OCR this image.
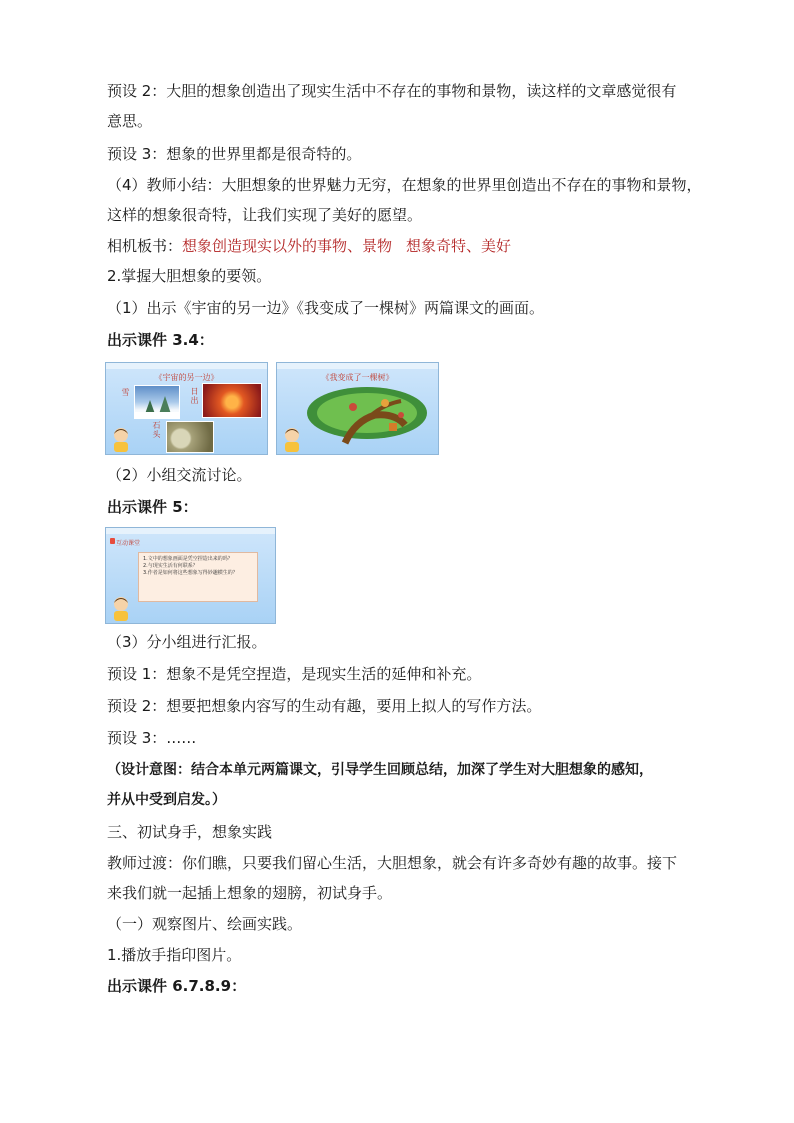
预设 2：大胆的想象创造出了现实生活中不存在的事物和景物，读这样的文章感觉很有
意思。
预设 3：想象的世界里都是很奇特的。
（4）教师小结：大胆想象的世界魅力无穷，在想象的世界里创造出不存在的事物和景物，
这样的想象很奇特，让我们实现了美好的愿望。
相机板书：想象创造现实以外的事物、景物 想象奇特、美好
2.掌握大胆想象的要领。
（1）出示《宇宙的另一边》《我变成了一棵树》两篇课文的画面。
出示课件 3.4：
《宇宙的另一边》
雪	日
出
石
头
《我变成了一棵树》
（2）小组交流讨论。
出示课件 5：
互动课堂
1.文中的想象画面是凭空捏造出来的吗？
2.与现实生活有何联系？
3.作者是如何将这些想象写得妙趣横生的？
（3）分小组进行汇报。
预设 1：想象不是凭空捏造，是现实生活的延伸和补充。
预设 2：想要把想象内容写的生动有趣，要用上拟人的写作方法。
预设 3：……
（设计意图：结合本单元两篇课文，引导学生回顾总结，加深了学生对大胆想象的感知，
并从中受到启发。）
三、初试身手，想象实践
教师过渡：你们瞧，只要我们留心生活，大胆想象，就会有许多奇妙有趣的故事。接下
来我们就一起插上想象的翅膀，初试身手。
（一）观察图片、绘画实践。
1.播放手指印图片。
出示课件 6.7.8.9：
